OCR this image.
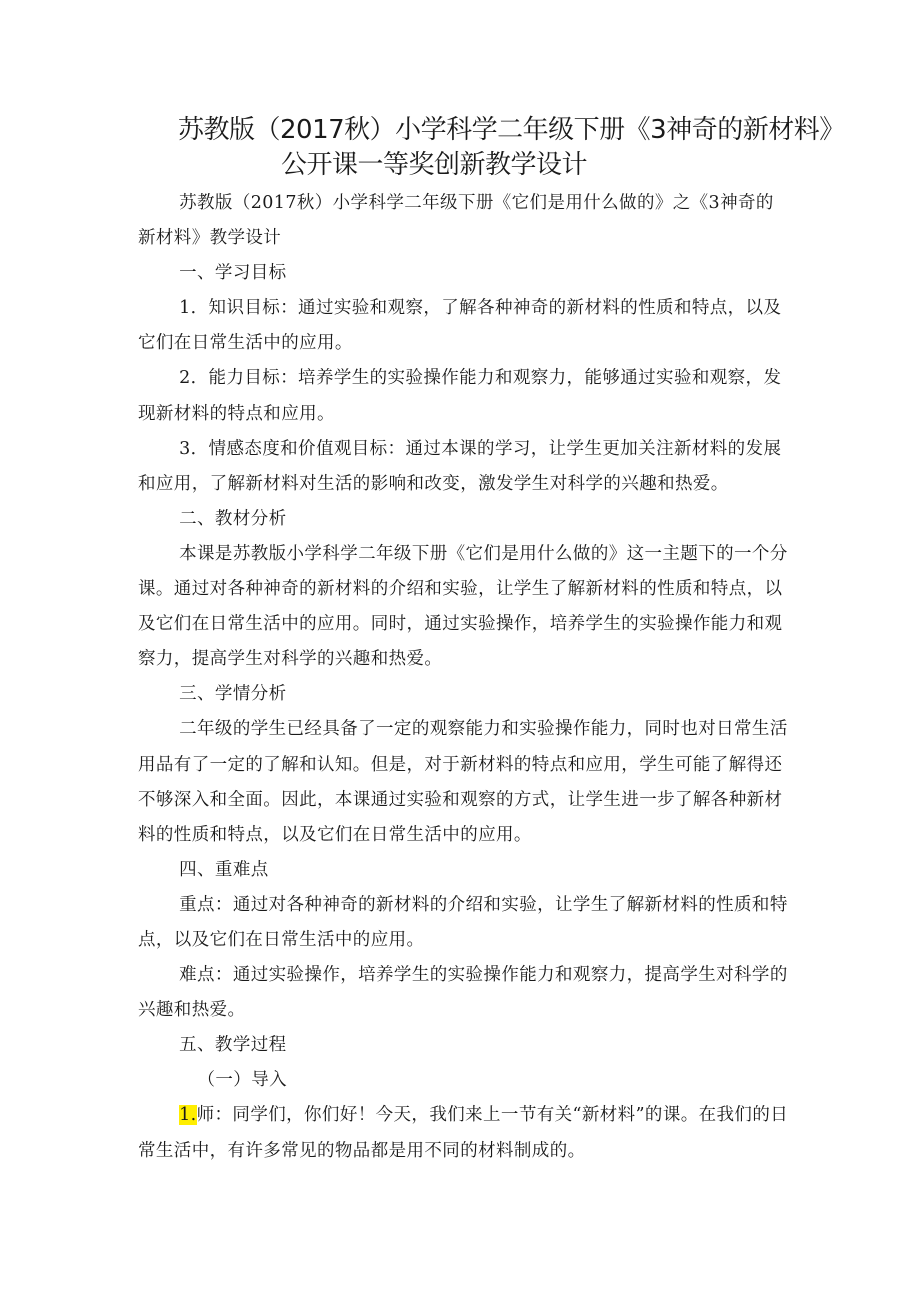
苏教版（2017秋）小学科学二年级下册《3神奇的新材料》
公开课一等奖创新教学设计

苏教版（2017秋）小学科学二年级下册《它们是用什么做的》之《3神奇的新材料》教学设计

一、学习目标

1．知识目标：通过实验和观察，了解各种神奇的新材料的性质和特点，以及它们在日常生活中的应用。

2．能力目标：培养学生的实验操作能力和观察力，能够通过实验和观察，发现新材料的特点和应用。

3．情感态度和价值观目标：通过本课的学习，让学生更加关注新材料的发展和应用，了解新材料对生活的影响和改变，激发学生对科学的兴趣和热爱。

二、教材分析

本课是苏教版小学科学二年级下册《它们是用什么做的》这一主题下的一个分课。通过对各种神奇的新材料的介绍和实验，让学生了解新材料的性质和特点，以及它们在日常生活中的应用。同时，通过实验操作，培养学生的实验操作能力和观察力，提高学生对科学的兴趣和热爱。

三、学情分析

二年级的学生已经具备了一定的观察能力和实验操作能力，同时也对日常生活用品有了一定的了解和认知。但是，对于新材料的特点和应用，学生可能了解得还不够深入和全面。因此，本课通过实验和观察的方式，让学生进一步了解各种新材料的性质和特点，以及它们在日常生活中的应用。

四、重难点

重点：通过对各种神奇的新材料的介绍和实验，让学生了解新材料的性质和特点，以及它们在日常生活中的应用。

难点：通过实验操作，培养学生的实验操作能力和观察力，提高学生对科学的兴趣和热爱。

五、教学过程

（一）导入

1.师：同学们，你们好！今天，我们来上一节有关“新材料”的课。在我们的日常生活中，有许多常见的物品都是用不同的材料制成的。
